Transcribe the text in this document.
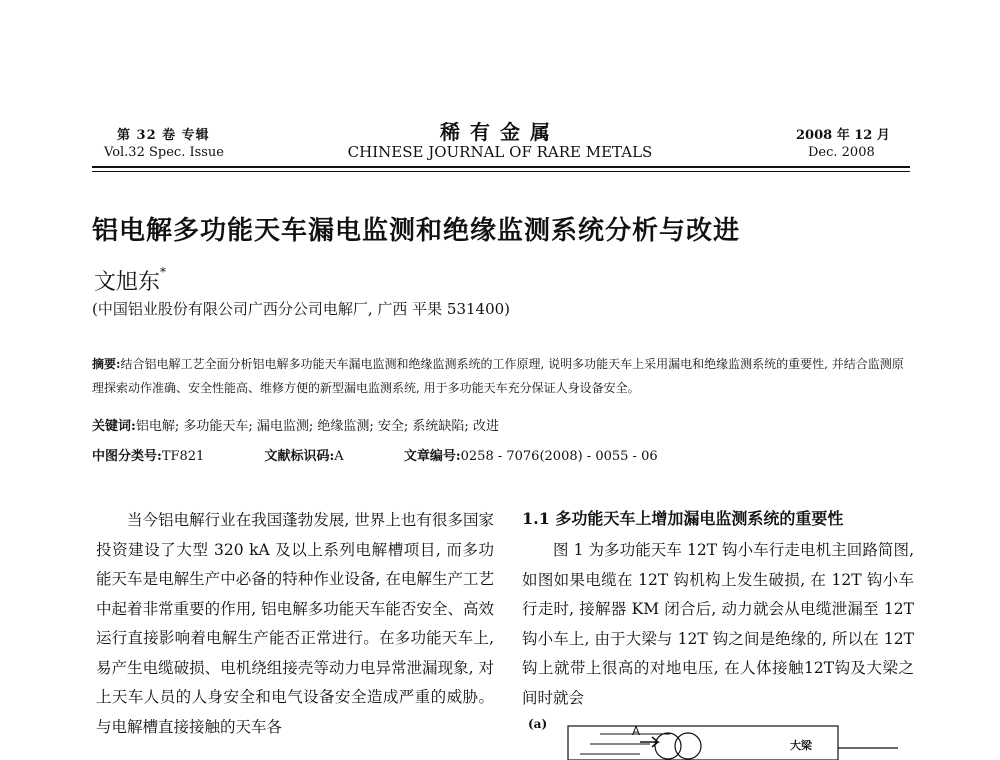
第 32 卷 专辑
Vol.32 Spec. Issue
稀有金属
CHINESE JOURNAL OF RARE METALS
2008 年 12 月
Dec. 2008
铝电解多功能天车漏电监测和绝缘监测系统分析与改进
文旭东*
(中国铝业股份有限公司广西分公司电解厂, 广西 平果 531400)
摘要:结合铝电解工艺全面分析铝电解多功能天车漏电监测和绝缘监测系统的工作原理, 说明多功能天车上采用漏电和绝缘监测系统的重要性, 并结合监测原理探索动作准确、安全性能高、维修方便的新型漏电监测系统, 用于多功能天车充分保证人身设备安全。
关键词:铝电解; 多功能天车; 漏电监测; 绝缘监测; 安全; 系统缺陷; 改进
中图分类号:TF821	文献标识码:A	文章编号:0258 - 7076(2008) - 0055 - 06

当今铝电解行业在我国蓬勃发展, 世界上也有很多国家投资建设了大型 320 kA 及以上系列电解槽项目, 而多功能天车是电解生产中必备的特种作业设备, 在电解生产工艺中起着非常重要的作用, 铝电解多功能天车能否安全、高效运行直接影响着电解生产能否正常进行。在多功能天车上, 易产生电缆破损、电机绕组接壳等动力电异常泄漏现象, 对上天车人员的人身安全和电气设备安全造成严重的威胁。与电解槽直接接触的天车各

1.1 多功能天车上增加漏电监测系统的重要性

图 1 为多功能天车 12T 钩小车行走电机主回路简图, 如图如果电缆在 12T 钩机构上发生破损, 在 12T 钩小车行走时, 接解器 KM 闭合后, 动力就会从电缆泄漏至 12T 钩小车上, 由于大梁与 12T 钩之间是绝缘的, 所以在 12T 钩上就带上很高的对地电压, 在人体接触12T钩及大梁之间时就会

(a)	A
大梁
